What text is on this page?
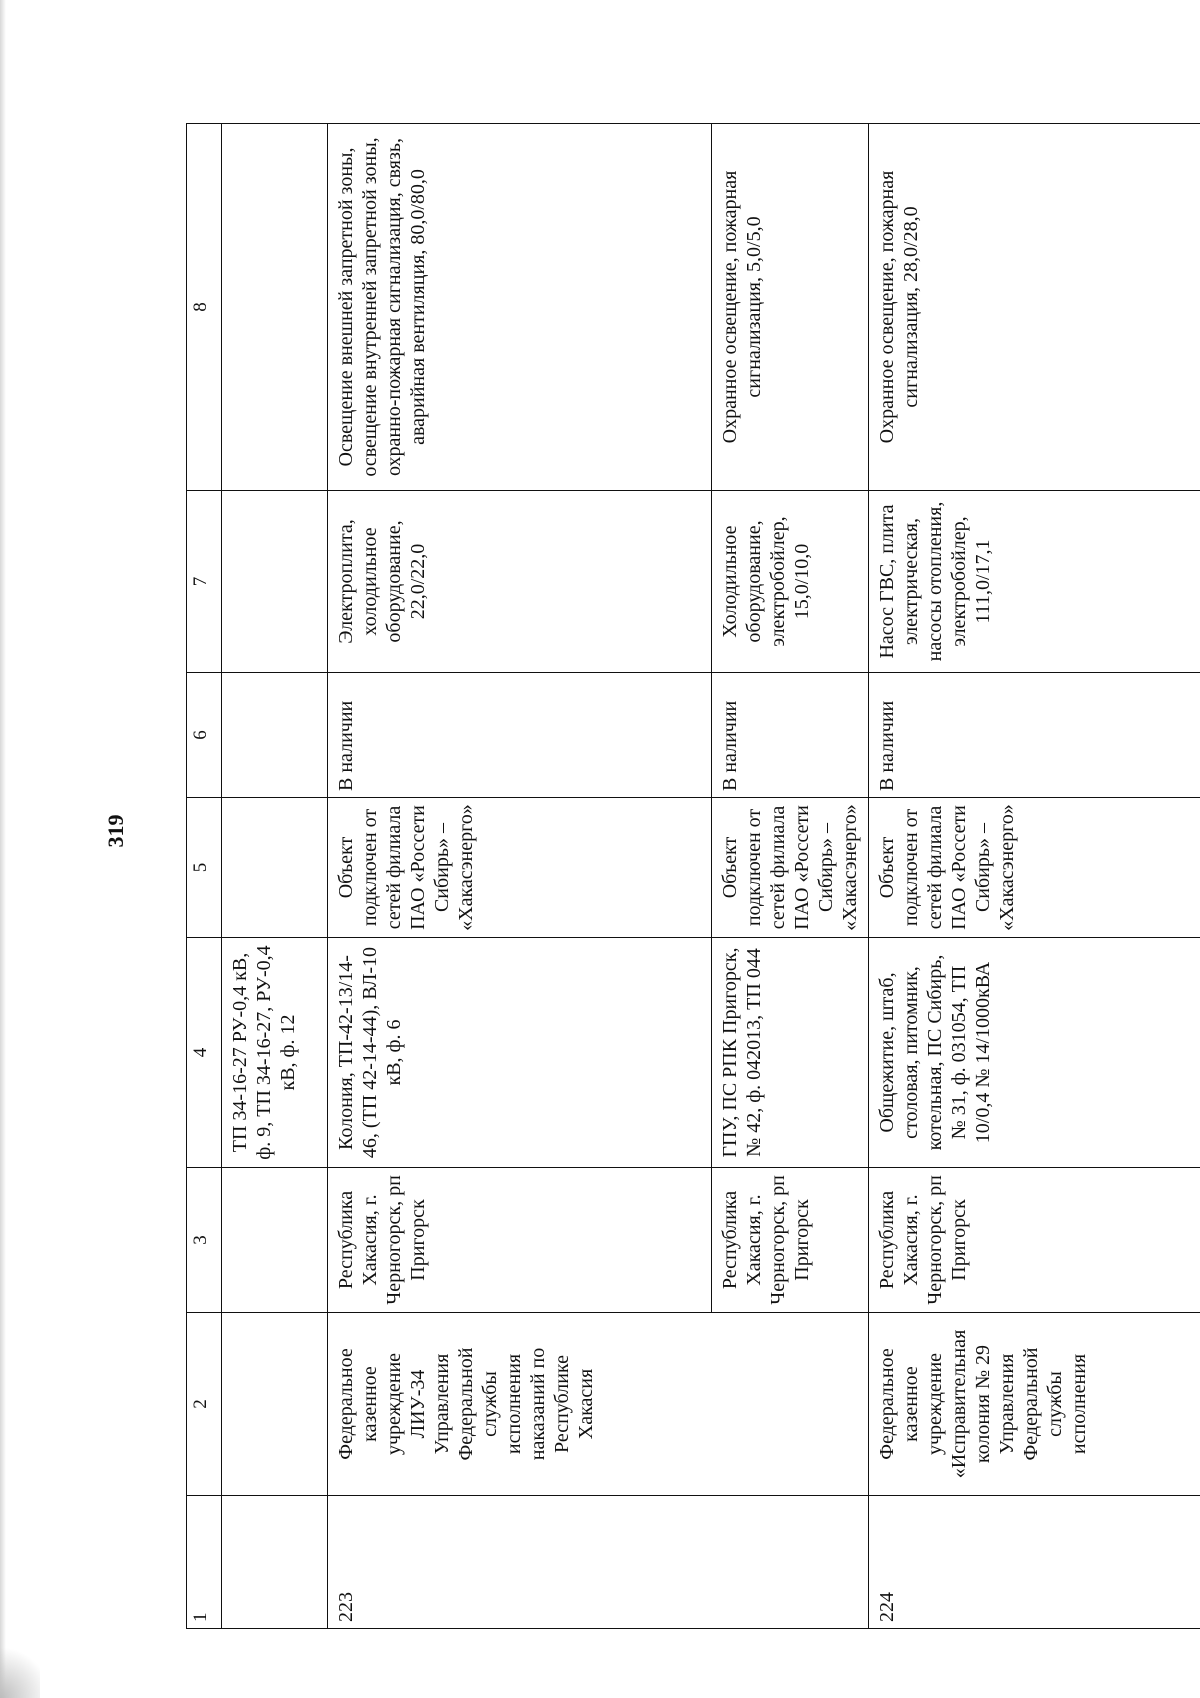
319
1	2	3	4	5	6	7	8
			ТП 34-16-27 РУ-0,4 кВ, ф. 9, ТП 34-16-27, РУ-0,4 кВ, ф. 12				
223	Федеральное казенное учреждение ЛИУ-34 Управления Федеральной службы исполнения наказаний по Республике Хакасия	Республика Хакасия, г. Черногорск, рп Пригорск	Колония, ТП-42-13/14-46, (ТП 42-14-44), ВЛ-10 кВ, ф. 6	Объект подключен от сетей филиала ПАО «Россети Сибирь» – «Хакасэнерго»	В наличии	Электроплита, холодильное оборудование, 22,0/22,0	Освещение внешней запретной зоны, освещение внутренней запретной зоны, охранно-пожарная сигнализация, связь, аварийная вентиляция, 80,0/80,0
		Республика Хакасия, г. Черногорск, рп Пригорск	ГПУ, ПС РПК Пригорск, № 42, ф. 042013, ТП 044	Объект подключен от сетей филиала ПАО «Россети Сибирь» – «Хакасэнерго»	В наличии	Холодильное оборудование, электробойлер, 15,0/10,0	Охранное освещение, пожарная сигнализация, 5,0/5,0
224	Федеральное казенное учреждение «Исправительная колония № 29 Управления Федеральной службы исполнения	Республика Хакасия, г. Черногорск, рп Пригорск	Общежитие, штаб, столовая, питомник, котельная, ПС Сибирь, № 31, ф. 031054, ТП 10/0,4 № 14/1000кВА	Объект подключен от сетей филиала ПАО «Россети Сибирь» – «Хакасэнерго»	В наличии	Насос ГВС, плита электрическая, насосы отопления, электробойлер, 111,0/17,1	Охранное освещение, пожарная сигнализация, 28,0/28,0
